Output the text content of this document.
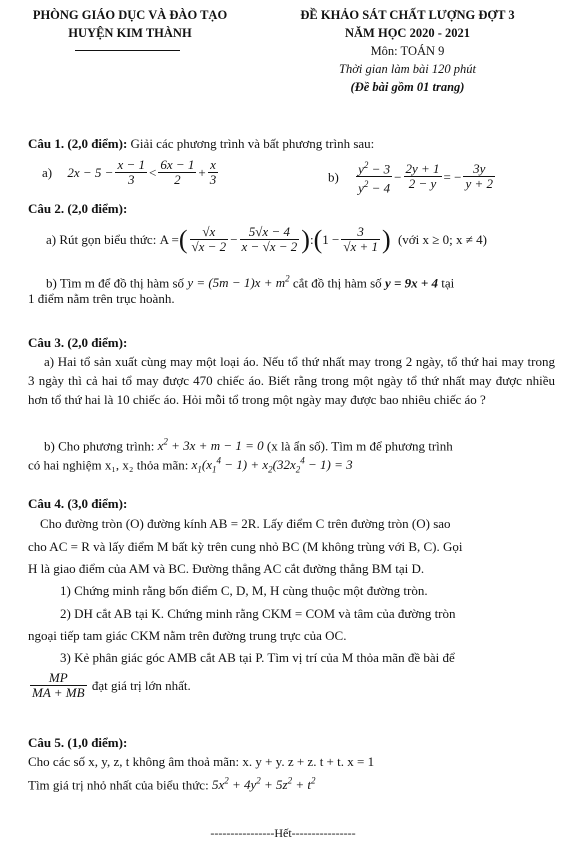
PHÒNG GIÁO DỤC VÀ ĐÀO TẠO
HUYỆN KIM THÀNH
ĐỀ KHẢO SÁT CHẤT LƯỢNG ĐỢT 3
NĂM HỌC 2020 - 2021
Môn: TOÁN 9
Thời gian làm bài 120 phút
(Đề bài gồm 01 trang)
Câu 1. (2,0 điểm): Giải các phương trình và bất phương trình sau:
a) $2x - 5 - \frac{x - 1}{3} < \frac{6x - 1}{2} + \frac{x}{3}$	$b) \frac{y^2 - 3}{y^2 - 4} - \frac{2y + 1}{2 - y}$ = − $\frac{3y}{y + 2}$
Câu 2. (2,0 điểm):
a) Rút gọn biểu thức: A =( $\frac{√x}{√x - 2} - \frac{5√x - 4}{x - √x - 2}$ ):(1 − $\frac{3}{√x + 1}$ ) (với x ≥ 0; x ≠ 4)
b) Tìm m để đồ thị hàm số $y = (5m - 1)x + m^2$ cắt đồ thị hàm số y = 9x + 4 tại
1 điểm nằm trên trục hoành.
Câu 3. (2,0 điểm):
a) Hai tổ sản xuất cùng may một loại áo. Nếu tổ thứ nhất may trong 2 ngày, tổ thứ hai may trong 3 ngày thì cả hai tổ may được 470 chiếc áo. Biết rằng trong một ngày tổ thứ nhất may được nhiều hơn tổ thứ hai là 10 chiếc áo. Hỏi mỗi tổ trong một ngày may được bao nhiêu chiếc áo ?
b) Cho phương trình: $x^2 + 3x + m - 1 = 0$ (x là ẩn số). Tìm m để phương trình
có hai nghiệm x₁, x₂ thỏa mãn: $x_1(x_1^4 - 1) + x_2(32x_2^4 - 1) = 3$
Câu 4. (3,0 điểm):
Cho đường tròn (O) đường kính AB = 2R. Lấy điểm C trên đường tròn (O) sao
cho AC = R và lấy điểm M bất kỳ trên cung nhỏ BC (M không trùng với B, C). Gọi
H là giao điểm của AM và BC. Đường thẳng AC cắt đường thẳng BM tại D.
1) Chứng minh rằng bốn điểm C, D, M, H cùng thuộc một đường tròn.
2) DH cắt AB tại K. Chứng minh rằng CKM = COM và tâm của đường tròn
ngoại tiếp tam giác CKM nằm trên đường trung trực của OC.
3) Kẻ phân giác góc AMB cắt AB tại P. Tìm vị trí của M thỏa mãn đề bài để
$\frac{MP}{MA + MB}$ đạt giá trị lớn nhất.
Câu 5. (1,0 điểm):
Cho các số x, y, z, t không âm thoả mãn: x. y + y. z + z. t + t. x = 1
Tìm giá trị nhỏ nhất của biểu thức: $5x^2 + 4y^2 + 5z^2 + t^2$
----------------Hết----------------
